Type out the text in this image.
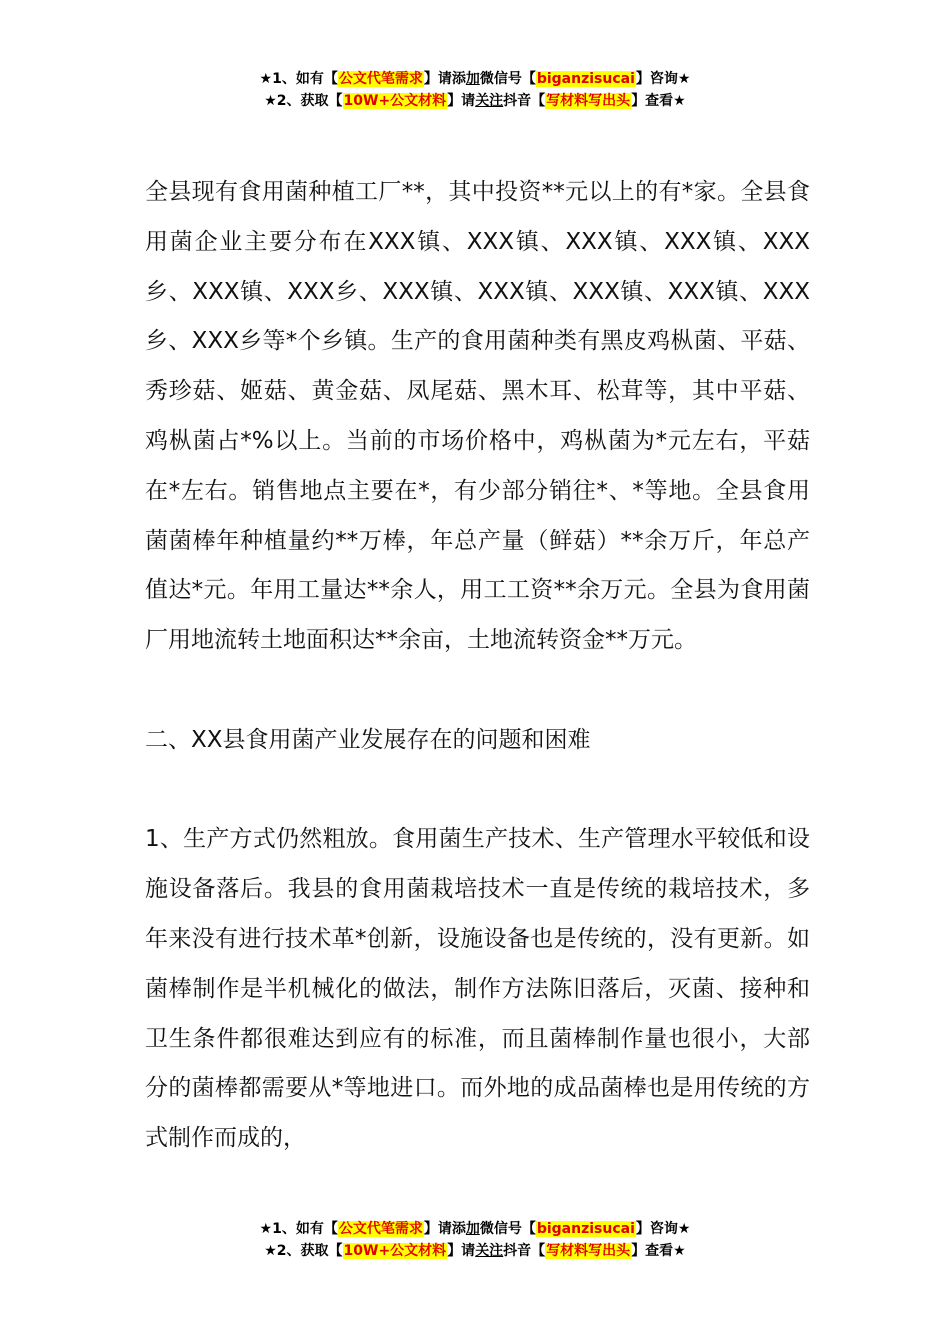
★1、如有【公文代笔需求】请添加微信号【biganzisucai】咨询★
★2、获取【10W+公文材料】请关注抖音【写材料写出头】查看★

全县现有食用菌种植工厂**，其中投资**元以上的有*家。全县食用菌企业主要分布在XXX镇、XXX镇、XXX镇、XXX镇、XXX乡、XXX镇、XXX乡、XXX镇、XXX镇、XXX镇、XXX镇、XXX乡、XXX乡等*个乡镇。生产的食用菌种类有黑皮鸡枞菌、平菇、秀珍菇、姬菇、黄金菇、凤尾菇、黑木耳、松茸等，其中平菇、鸡枞菌占*%以上。当前的市场价格中，鸡枞菌为*元左右，平菇在*左右。销售地点主要在*，有少部分销往*、*等地。全县食用菌菌棒年种植量约**万棒，年总产量（鲜菇）**余万斤，年总产值达*元。年用工量达**余人，用工工资**余万元。全县为食用菌厂用地流转土地面积达**余亩，土地流转资金**万元。

二、XX县食用菌产业发展存在的问题和困难

1、生产方式仍然粗放。食用菌生产技术、生产管理水平较低和设施设备落后。我县的食用菌栽培技术一直是传统的栽培技术，多年来没有进行技术革*创新，设施设备也是传统的，没有更新。如菌棒制作是半机械化的做法，制作方法陈旧落后，灭菌、接种和卫生条件都很难达到应有的标准，而且菌棒制作量也很小，大部分的菌棒都需要从*等地进口。而外地的成品菌棒也是用传统的方式制作而成的，

★1、如有【公文代笔需求】请添加微信号【biganzisucai】咨询★
★2、获取【10W+公文材料】请关注抖音【写材料写出头】查看★
